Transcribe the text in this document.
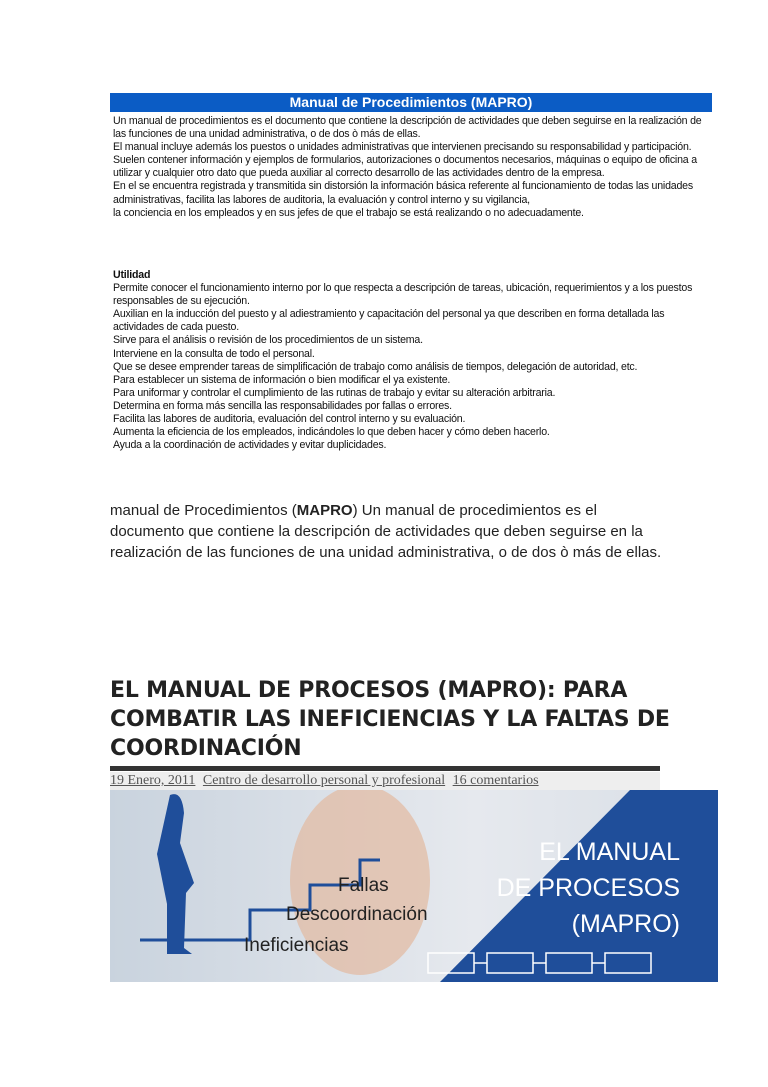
Manual de Procedimientos (MAPRO)
Un manual de procedimientos es el documento que contiene la descripción de actividades que deben seguirse en la realización de las funciones de una unidad administrativa, o de dos ò más de ellas.
El manual incluye además los puestos o unidades administrativas que intervienen precisando su responsabilidad y participación.
Suelen contener información y ejemplos de formularios, autorizaciones o documentos necesarios, máquinas o equipo de oficina a utilizar y cualquier otro dato que pueda auxiliar al correcto desarrollo de las actividades dentro de la empresa.
En el se encuentra registrada y transmitida sin distorsión la información básica referente al funcionamiento de todas las unidades administrativas, facilita las labores de auditoria, la evaluación y control interno y su vigilancia,
la conciencia en los empleados y en sus jefes de que el trabajo se está realizando o no adecuadamente.
Utilidad
Permite conocer el funcionamiento interno por lo que respecta a descripción de tareas, ubicación, requerimientos y a los puestos responsables de su ejecución.
Auxilian en la inducción del puesto y al adiestramiento y capacitación del personal ya que describen en forma detallada las actividades de cada puesto.
Sirve para el análisis o revisión de los procedimientos de un sistema.
Interviene en la consulta de todo el personal.
Que se desee emprender tareas de simplificación de trabajo como análisis de tiempos, delegación de autoridad, etc.
Para establecer un sistema de información o bien modificar el ya existente.
Para uniformar y controlar el cumplimiento de las rutinas de trabajo y evitar su alteración arbitraria.
Determina en forma más sencilla las responsabilidades por fallas o errores.
Facilita las labores de auditoria, evaluación del control interno y su evaluación.
Aumenta la eficiencia de los empleados, indicándoles lo que deben hacer y cómo deben hacerlo.
Ayuda a la coordinación de actividades y evitar duplicidades.
manual de Procedimientos (MAPRO) Un manual de procedimientos es el documento que contiene la descripción de actividades que deben seguirse en la realización de las funciones de una unidad administrativa, o de dos ò más de ellas.
EL MANUAL DE PROCESOS (MAPRO): PARA COMBATIR LAS INEFICIENCIAS Y LA FALTAS DE COORDINACIÓN
19 Enero, 2011 Centro de desarrollo personal y profesional 16 comentarios
Fallas
Descoordinación
Ineficiencias
EL MANUAL
DE PROCESOS
(MAPRO)
